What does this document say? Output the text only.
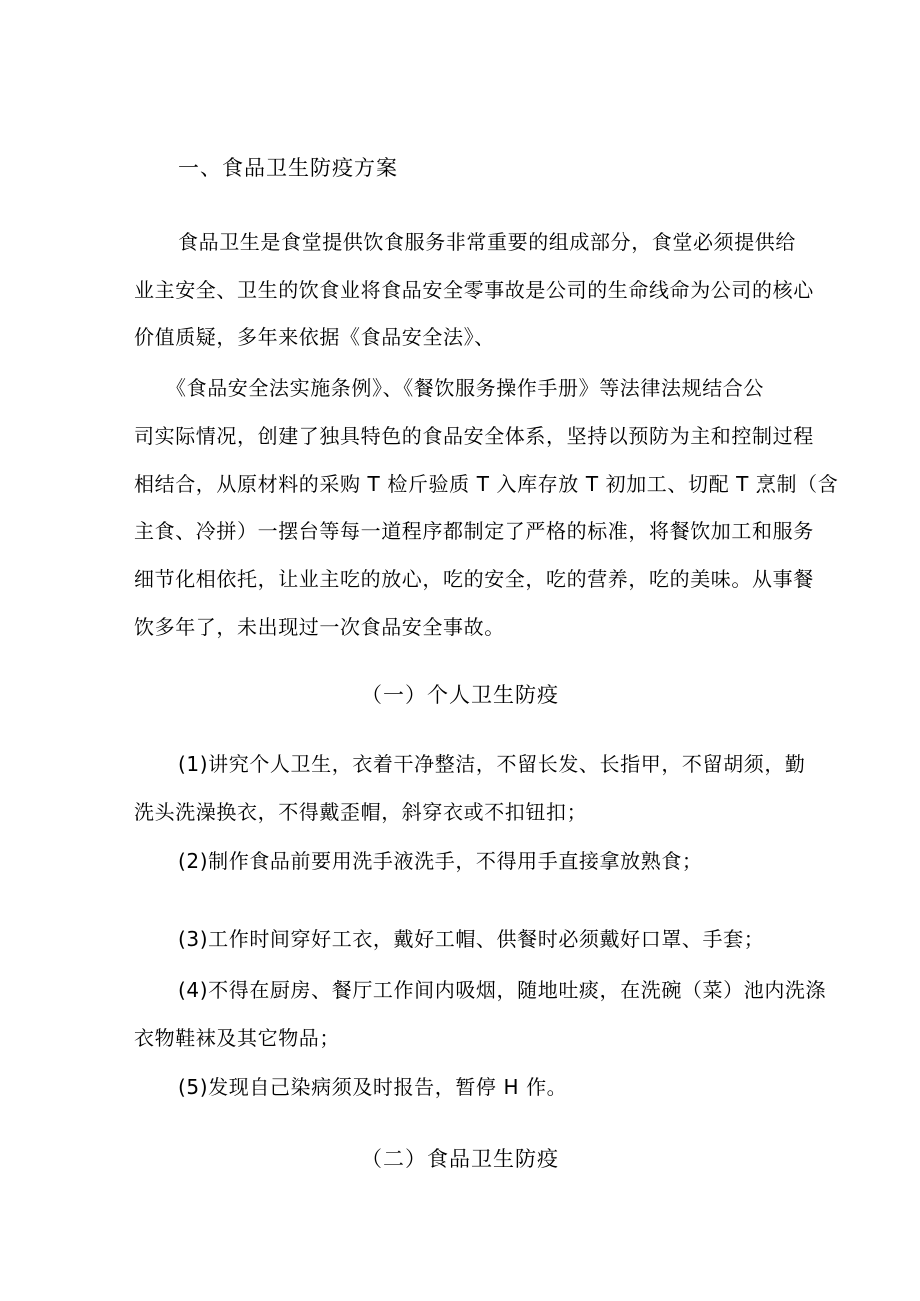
一、食品卫生防疫方案
食品卫生是食堂提供饮食服务非常重要的组成部分，食堂必须提供给
业主安全、卫生的饮食业将食品安全零事故是公司的生命线命为公司的核心
价值质疑，多年来依据《食品安全法》、
《食品安全法实施条例》、《餐饮服务操作手册》等法律法规结合公
司实际情况，创建了独具特色的食品安全体系，坚持以预防为主和控制过程
相结合，从原材料的采购 T 检斤验质 T 入库存放 T 初加工、切配 T 烹制（含
主食、冷拼）一摆台等每一道程序都制定了严格的标准，将餐饮加工和服务
细节化相依托，让业主吃的放心，吃的安全，吃的营养，吃的美味。从事餐
饮多年了，未出现过一次食品安全事故。
（一）个人卫生防疫
(1)讲究个人卫生，衣着干净整洁，不留长发、长指甲，不留胡须，勤
洗头洗澡换衣，不得戴歪帽，斜穿衣或不扣钮扣；
(2)制作食品前要用洗手液洗手，不得用手直接拿放熟食；
(3)工作时间穿好工衣，戴好工帽、供餐时必须戴好口罩、手套；
(4)不得在厨房、餐厅工作间内吸烟，随地吐痰，在洗碗（菜）池内洗涤
衣物鞋袜及其它物品；
(5)发现自己染病须及时报告，暂停 H 作。
（二）食品卫生防疫
